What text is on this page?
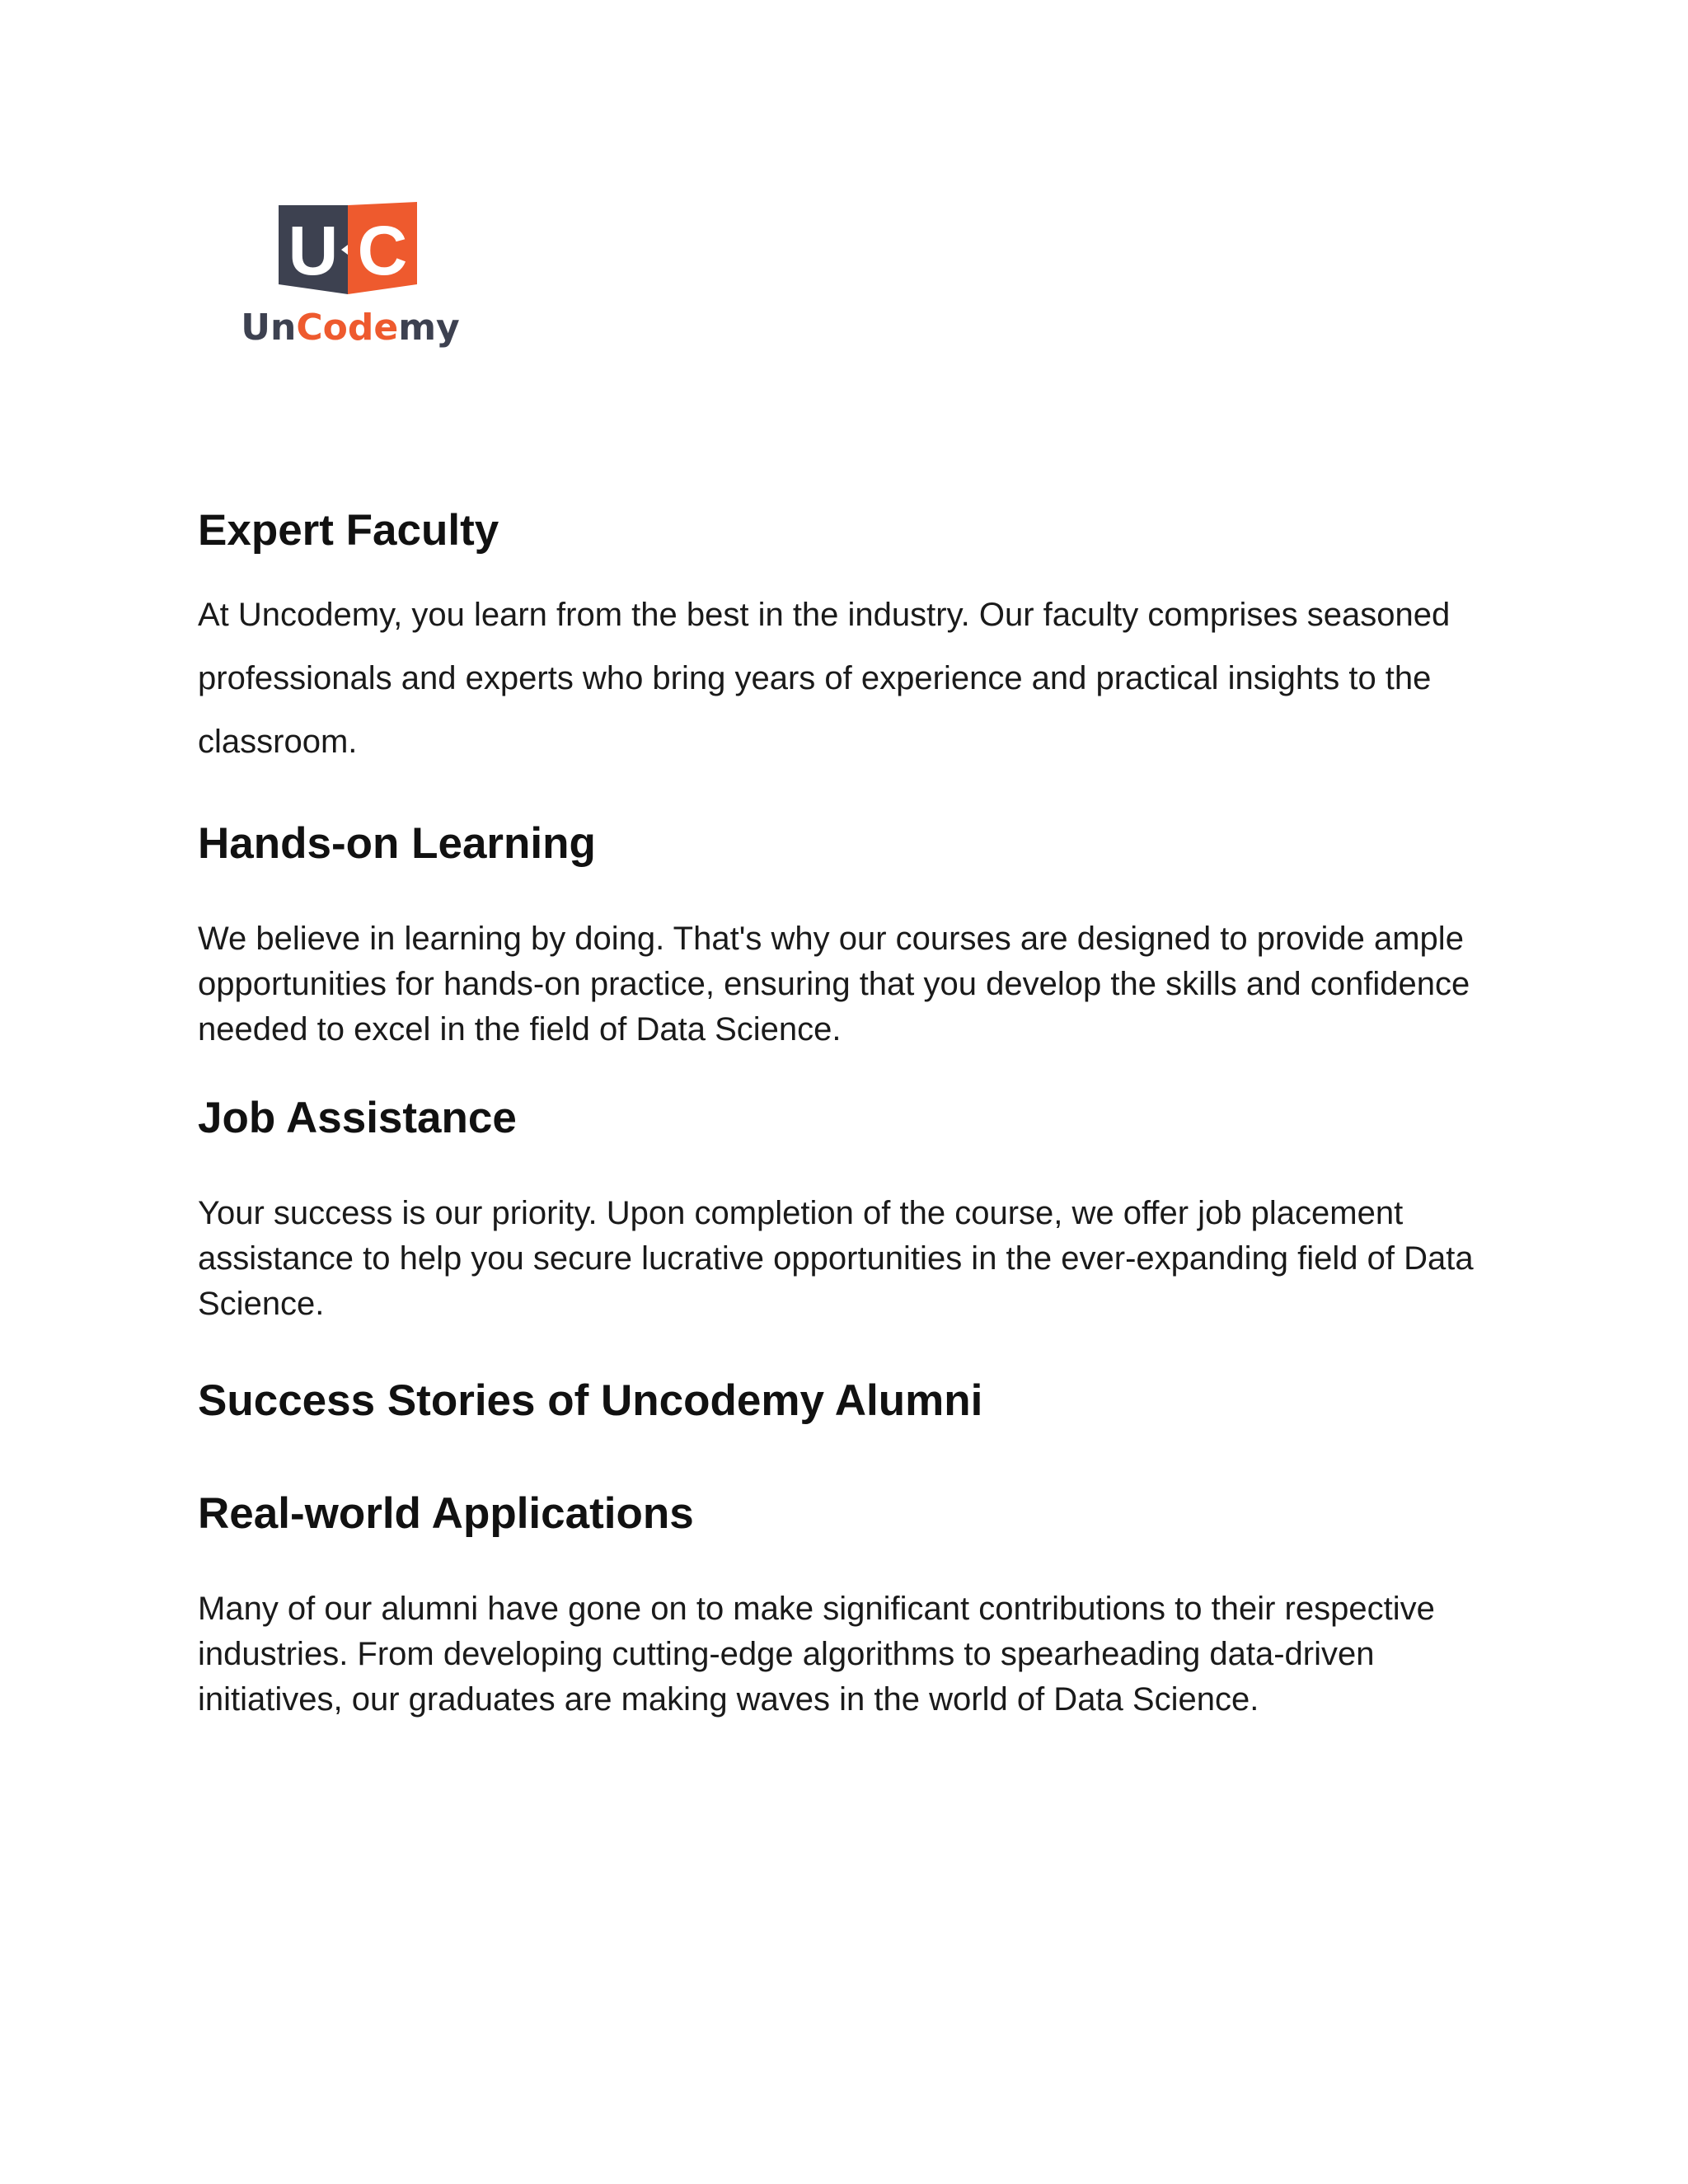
U C
UnCodemy
Expert Faculty

At Uncodemy, you learn from the best in the industry. Our faculty comprises seasoned professionals and experts who bring years of experience and practical insights to the classroom.

Hands-on Learning

We believe in learning by doing. That's why our courses are designed to provide ample opportunities for hands-on practice, ensuring that you develop the skills and confidence needed to excel in the field of Data Science.

Job Assistance

Your success is our priority. Upon completion of the course, we offer job placement assistance to help you secure lucrative opportunities in the ever-expanding field of Data Science.

Success Stories of Uncodemy Alumni
Real-world Applications

Many of our alumni have gone on to make significant contributions to their respective industries. From developing cutting-edge algorithms to spearheading data-driven initiatives, our graduates are making waves in the world of Data Science.
